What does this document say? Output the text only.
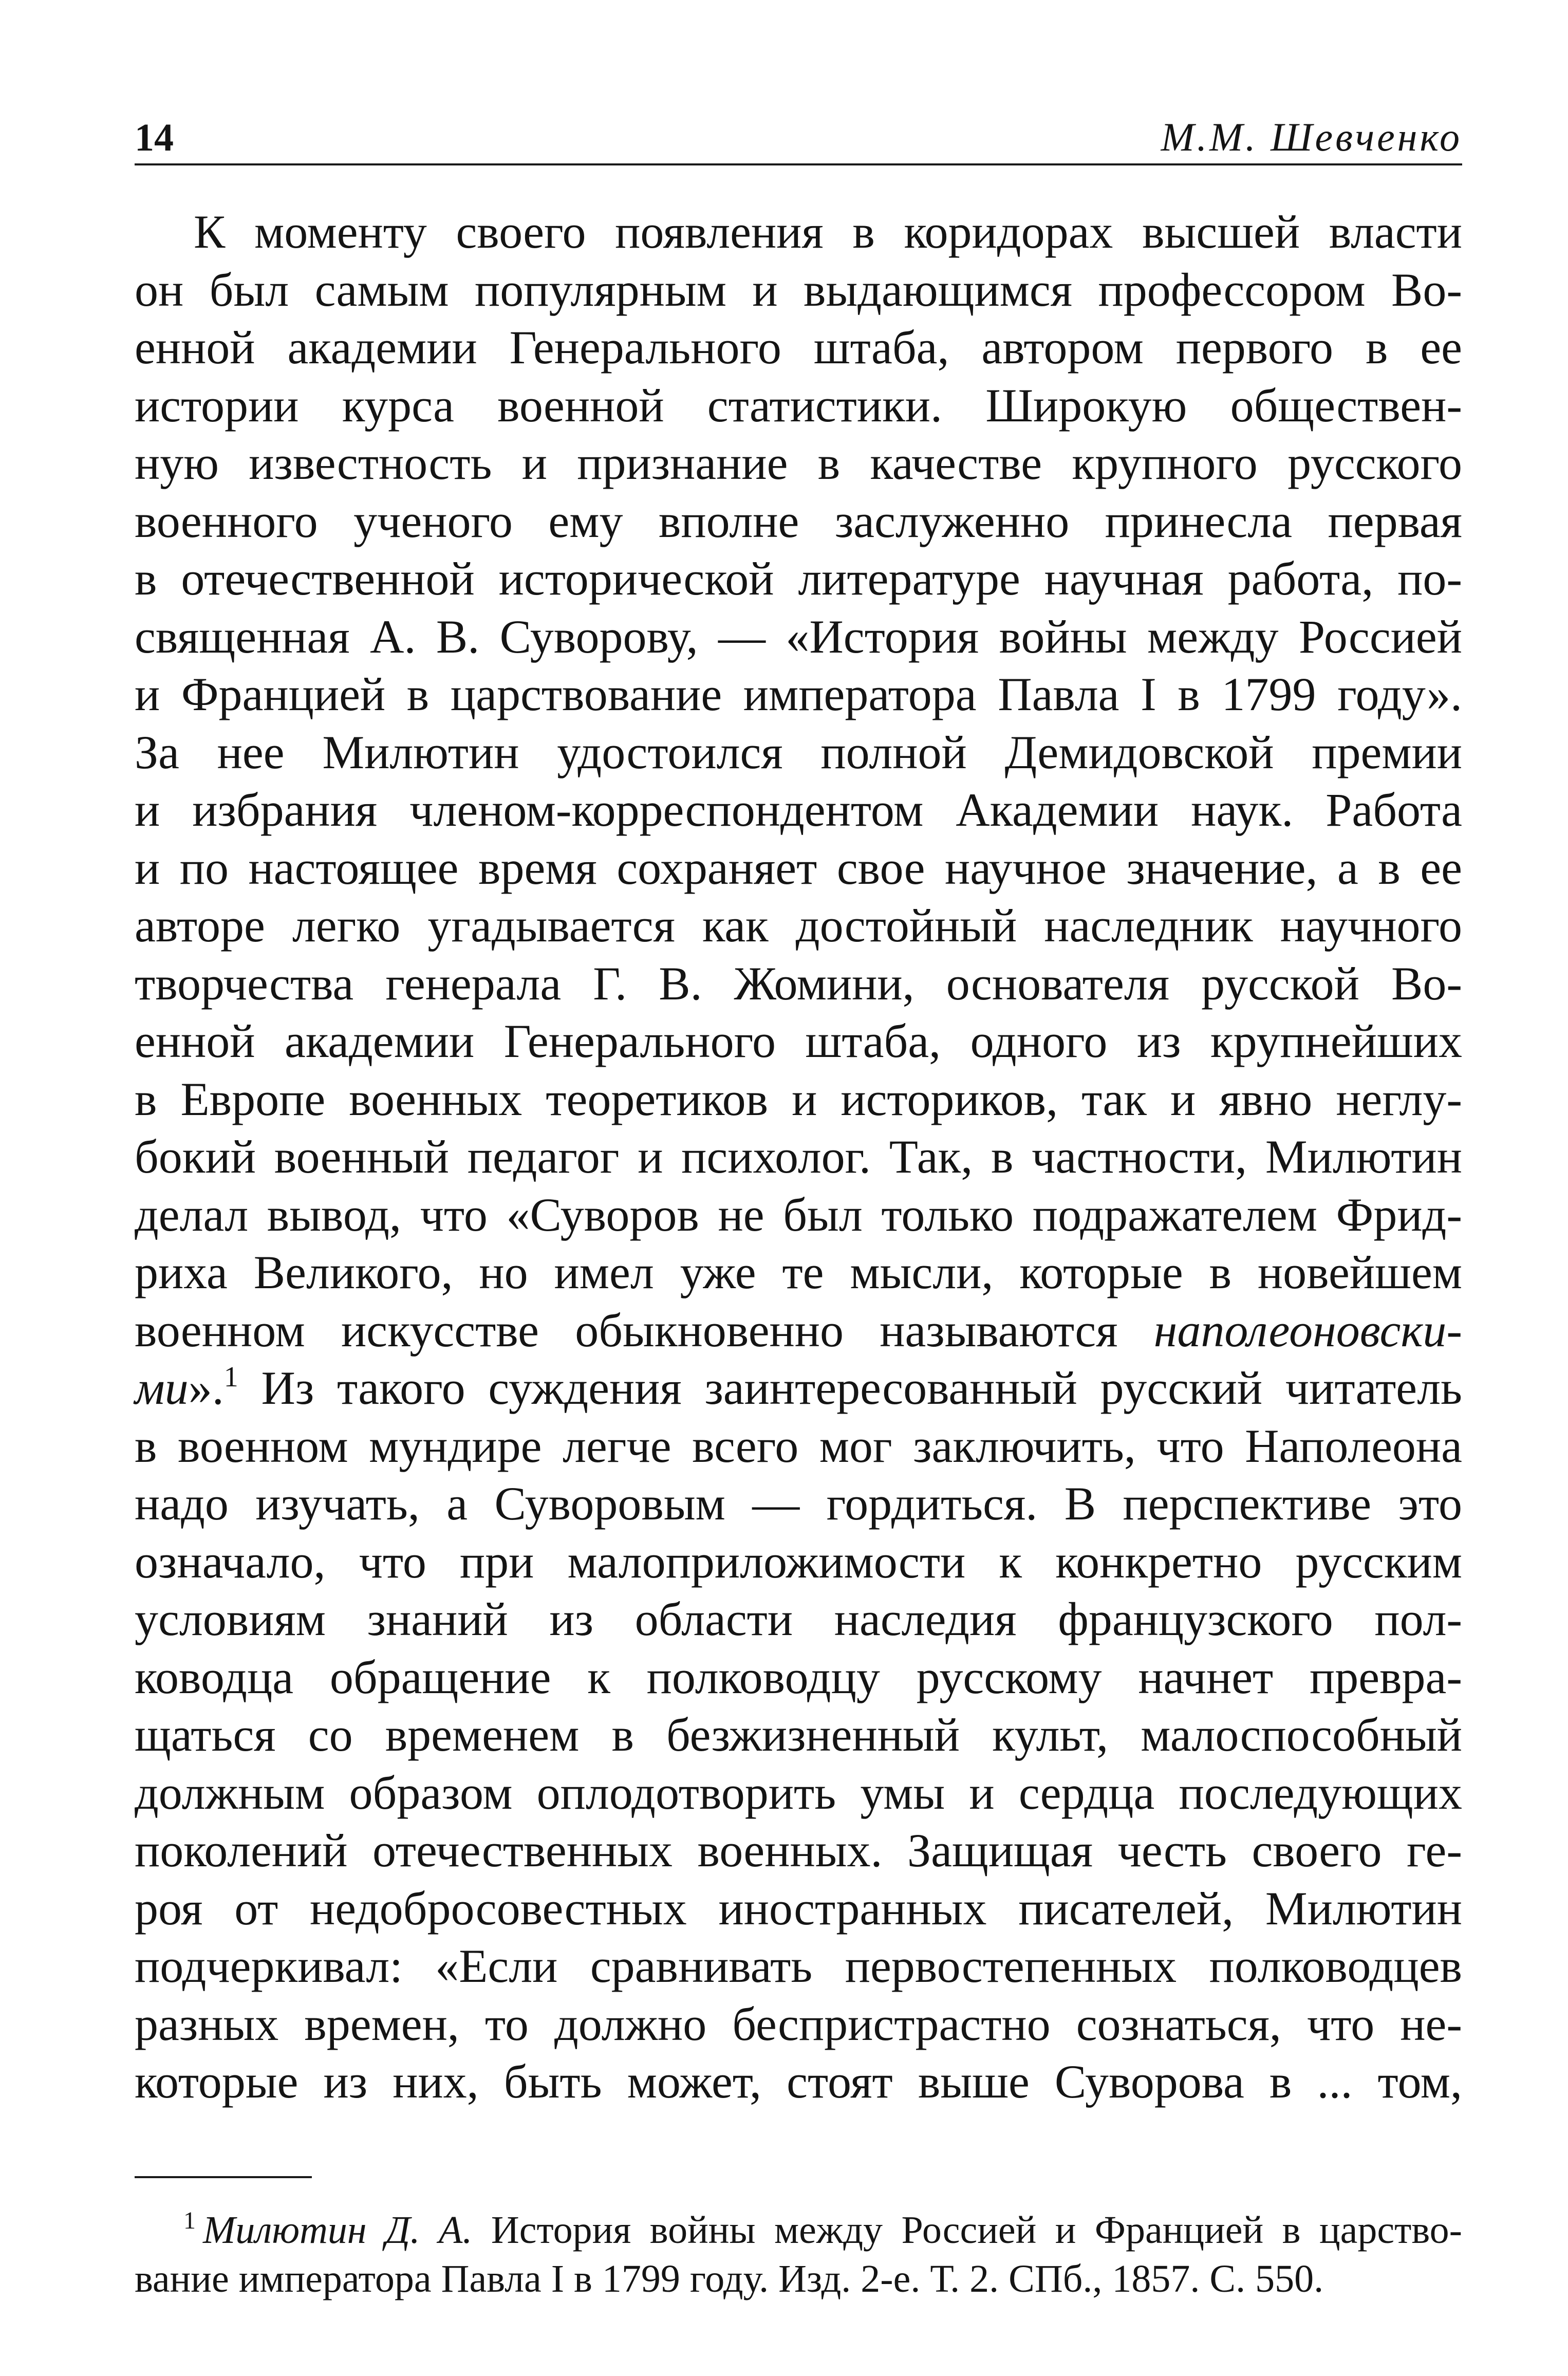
14	М.М. Шевченко
К моменту своего появления в коридорах высшей власти
он был самым популярным и выдающимся профессором Во-
енной академии Генерального штаба, автором первого в ее
истории курса военной статистики. Широкую обществен-
ную известность и признание в качестве крупного русского
военного ученого ему вполне заслуженно принесла первая
в отечественной исторической литературе научная работа, по-
священная А. В. Суворову, — «История войны между Россией
и Францией в царствование императора Павла I в 1799 году».
За нее Милютин удостоился полной Демидовской премии
и избрания членом-корреспондентом Академии наук. Работа
и по настоящее время сохраняет свое научное значение, а в ее
авторе легко угадывается как достойный наследник научного
творчества генерала Г. В. Жомини, основателя русской Во-
енной академии Генерального штаба, одного из крупнейших
в Европе военных теоретиков и историков, так и явно неглу-
бокий военный педагог и психолог. Так, в частности, Милютин
делал вывод, что «Суворов не был только подражателем Фрид-
риха Великого, но имел уже те мысли, которые в новейшем
военном искусстве обыкновенно называются наполеоновски-
ми».$^1$ Из такого суждения заинтересованный русский читатель
в военном мундире легче всего мог заключить, что Наполеона
надо изучать, а Суворовым — гордиться. В перспективе это
означало, что при малоприложимости к конкретно русским
условиям знаний из области наследия французского пол-
ководца обращение к полководцу русскому начнет превра-
щаться со временем в безжизненный культ, малоспособный
должным образом оплодотворить умы и сердца последующих
поколений отечественных военных. Защищая честь своего ге-
роя от недобросовестных иностранных писателей, Милютин
подчеркивал: «Если сравнивать первостепенных полководцев
разных времен, то должно беспристрастно сознаться, что не-
которые из них, быть может, стоят выше Суворова в ... том,
$^1$ Милютин Д. А. История войны между Россией и Францией в царство-
вание императора Павла I в 1799 году. Изд. 2-е. Т. 2. СПб., 1857. С. 550.
